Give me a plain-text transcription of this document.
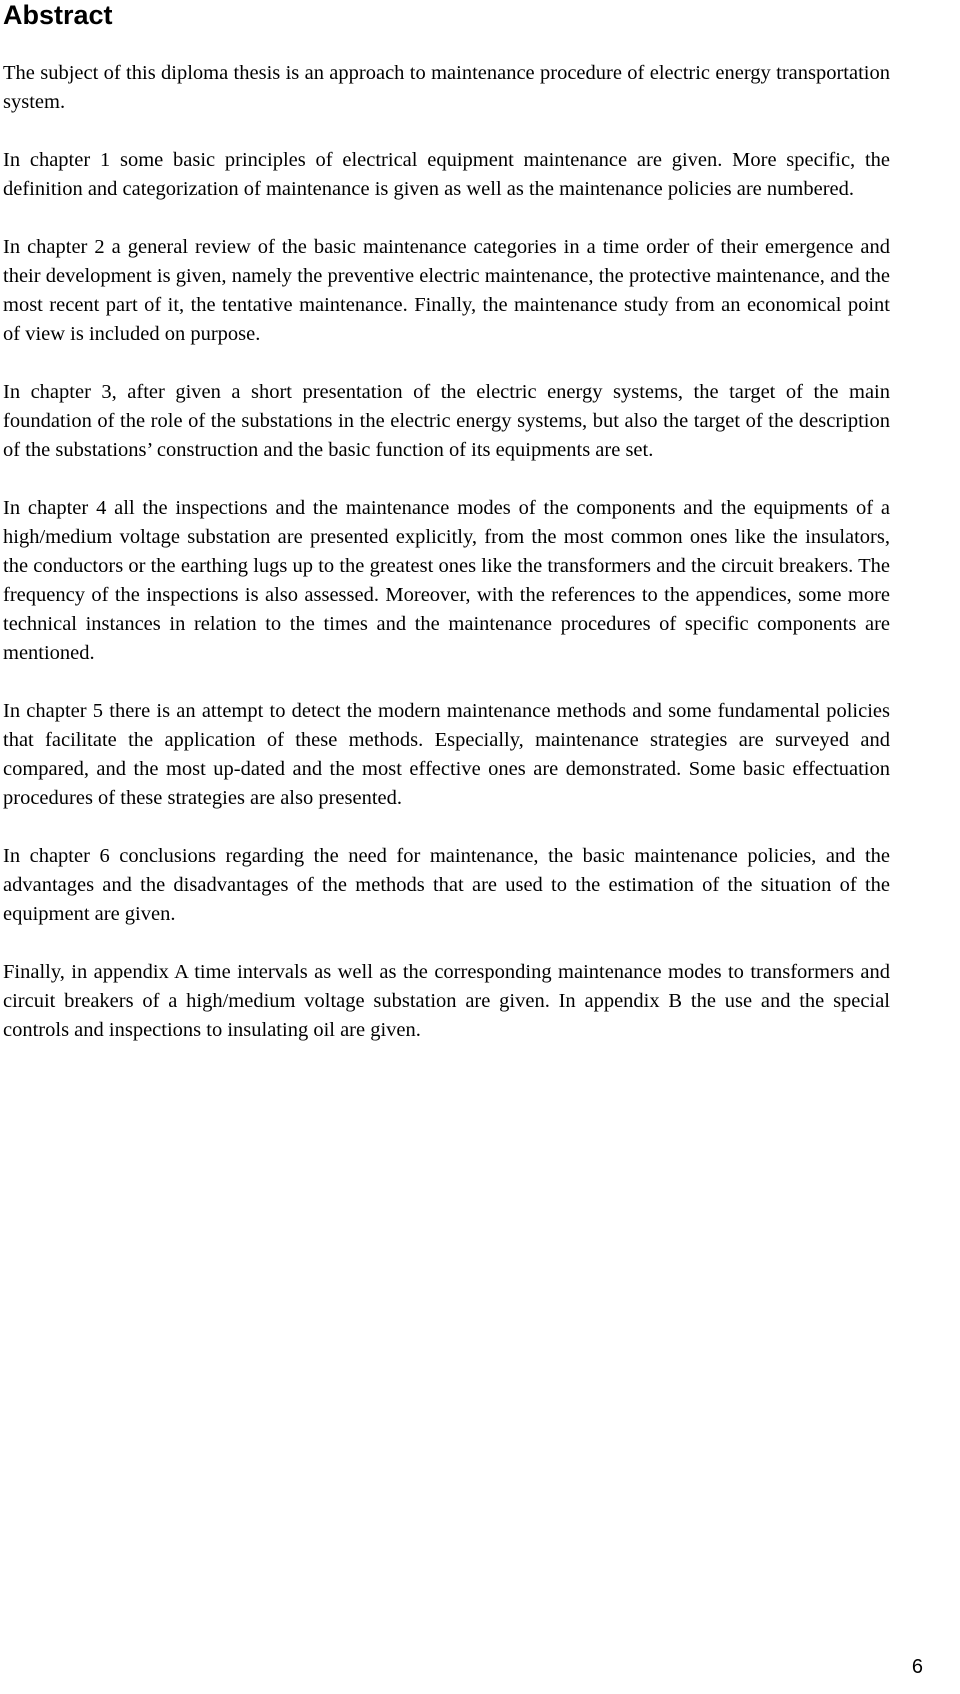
Abstract

The subject of this diploma thesis is an approach to maintenance procedure of electric energy transportation system.

In chapter 1 some basic principles of electrical equipment maintenance are given. More specific, the definition and categorization of maintenance is given as well as the maintenance policies are numbered.

In chapter 2 a general review of the basic maintenance categories in a time order of their emergence and their development is given, namely the preventive electric maintenance, the protective maintenance, and the most recent part of it, the tentative maintenance. Finally, the maintenance study from an economical point of view is included on purpose.

In chapter 3, after given a short presentation of the electric energy systems, the target of the main foundation of the role of the substations in the electric energy systems, but also the target of the description of the substations’ construction and the basic function of its equipments are set.

In chapter 4 all the inspections and the maintenance modes of the components and the equipments of a high/medium voltage substation are presented explicitly, from the most common ones like the insulators, the conductors or the earthing lugs up to the greatest ones like the transformers and the circuit breakers. The frequency of the inspections is also assessed. Moreover, with the references to the appendices, some more technical instances in relation to the times and the maintenance procedures of specific components are mentioned.

In chapter 5 there is an attempt to detect the modern maintenance methods and some fundamental policies that facilitate the application of these methods. Especially, maintenance strategies are surveyed and compared, and the most up-dated and the most effective ones are demonstrated. Some basic effectuation procedures of these strategies are also presented.

In chapter 6 conclusions regarding the need for maintenance, the basic maintenance policies, and the advantages and the disadvantages of the methods that are used to the estimation of the situation of the equipment are given.

Finally, in appendix A time intervals as well as the corresponding maintenance modes to transformers and circuit breakers of a high/medium voltage substation are given. In appendix B the use and the special controls and inspections to insulating oil are given.

6
